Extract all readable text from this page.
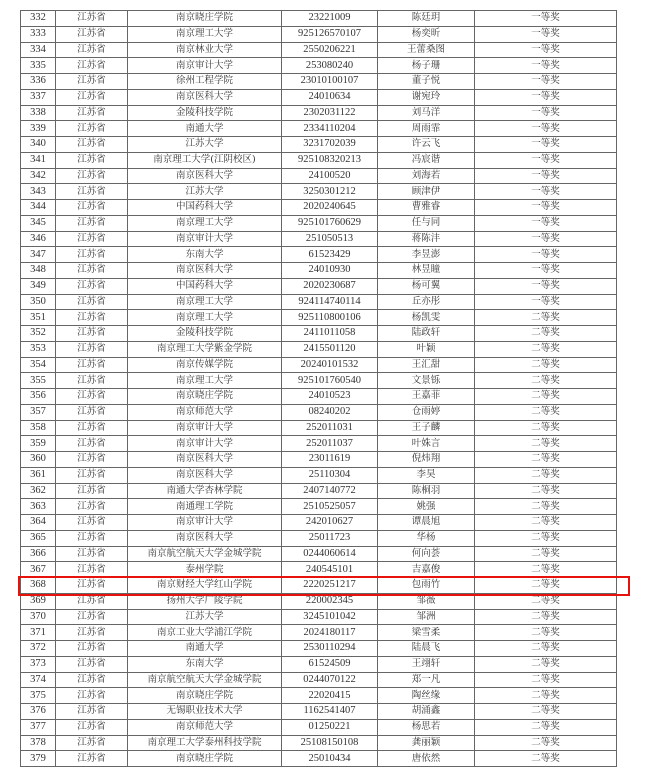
332	江苏省	南京晓庄学院	23221009	陈廷玥	一等奖
333	江苏省	南京理工大学	925126570107	杨奕昕	一等奖
334	江苏省	南京林业大学	2550206221	王蕾桑图	一等奖
335	江苏省	南京审计大学	253080240	杨子珊	一等奖
336	江苏省	徐州工程学院	23010100107	董子悦	一等奖
337	江苏省	南京医科大学	24010634	谢宛玲	一等奖
338	江苏省	金陵科技学院	2302031122	刘马洋	一等奖
339	江苏省	南通大学	2334110204	周雨霏	一等奖
340	江苏省	江苏大学	3231702039	许云飞	一等奖
341	江苏省	南京理工大学(江阴校区)	925108320213	冯宸谐	一等奖
342	江苏省	南京医科大学	24100520	刘海若	一等奖
343	江苏省	江苏大学	3250301212	顾津伊	一等奖
344	江苏省	中国药科大学	2020240645	曹雅睿	一等奖
345	江苏省	南京理工大学	925101760629	任与同	一等奖
346	江苏省	南京审计大学	251050513	蒋陈沣	一等奖
347	江苏省	东南大学	61523429	李昱澎	一等奖
348	江苏省	南京医科大学	24010930	林昱瞳	一等奖
349	江苏省	中国药科大学	2020230687	杨可翼	一等奖
350	江苏省	南京理工大学	924114740114	丘亦彤	一等奖
351	江苏省	南京理工大学	925110800106	杨凯雯	二等奖
352	江苏省	金陵科技学院	2411011058	陆政轩	二等奖
353	江苏省	南京理工大学紫金学院	2415501120	叶颖	二等奖
354	江苏省	南京传媒学院	20240101532	王汇甜	二等奖
355	江苏省	南京理工大学	925101760540	文景铄	二等奖
356	江苏省	南京晓庄学院	24010523	王嘉菲	二等奖
357	江苏省	南京师范大学	08240202	仓雨婷	二等奖
358	江苏省	南京审计大学	252011031	王子麟	二等奖
359	江苏省	南京审计大学	252011037	叶姝言	二等奖
360	江苏省	南京医科大学	23011619	倪炜翔	二等奖
361	江苏省	南京医科大学	25110304	李昊	二等奖
362	江苏省	南通大学杏林学院	2407140772	陈桐羽	二等奖
363	江苏省	南通理工学院	2510525057	姚强	二等奖
364	江苏省	南京审计大学	242010627	谭晨旭	二等奖
365	江苏省	南京医科大学	25011723	华杨	二等奖
366	江苏省	南京航空航天大学金城学院	0244060614	何向荟	二等奖
367	江苏省	泰州学院	240545101	吉嘉俊	二等奖
368	江苏省	南京财经大学红山学院	2220251217	包雨竹	二等奖
369	江苏省	扬州大学广陵学院	220002345	邹薇	二等奖
370	江苏省	江苏大学	3245101042	邹洲	二等奖
371	江苏省	南京工业大学浦江学院	2024180117	梁雪柔	二等奖
372	江苏省	南通大学	2530110294	陆晨飞	二等奖
373	江苏省	东南大学	61524509	王翊轩	二等奖
374	江苏省	南京航空航天大学金城学院	0244070122	郑一凡	二等奖
375	江苏省	南京晓庄学院	22020415	陶丝缘	二等奖
376	江苏省	无锡职业技术大学	1162541407	胡涌鑫	二等奖
377	江苏省	南京师范大学	01250221	杨思若	二等奖
378	江苏省	南京理工大学泰州科技学院	25108150108	龚丽颖	二等奖
379	江苏省	南京晓庄学院	25010434	唐依然	二等奖
